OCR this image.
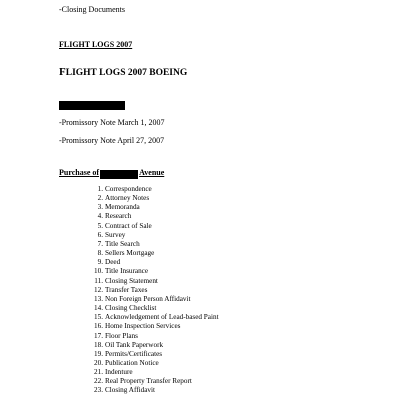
-Closing Documents
FLIGHT LOGS 2007
FLIGHT LOGS 2007 BOEING
-Promissory Note March 1, 2007
-Promissory Note April 27, 2007
Purchase of	Avenue
1. Correspondence
2. Attorney Notes
3. Memoranda
4. Research
5. Contract of Sale
6. Survey
7. Title Search
8. Sellers Mortgage
9. Deed
10. Title Insurance
11. Closing Statement
12. Transfer Taxes
13. Non Foreign Person Affidavit
14. Closing Checklist
15. Acknowledgement of Lead-based Paint
16. Home Inspection Services
17. Floor Plans
18. Oil Tank Paperwork
19. Permits/Certificates
20. Publication Notice
21. Indenture
22. Real Property Transfer Report
23. Closing Affidavit
